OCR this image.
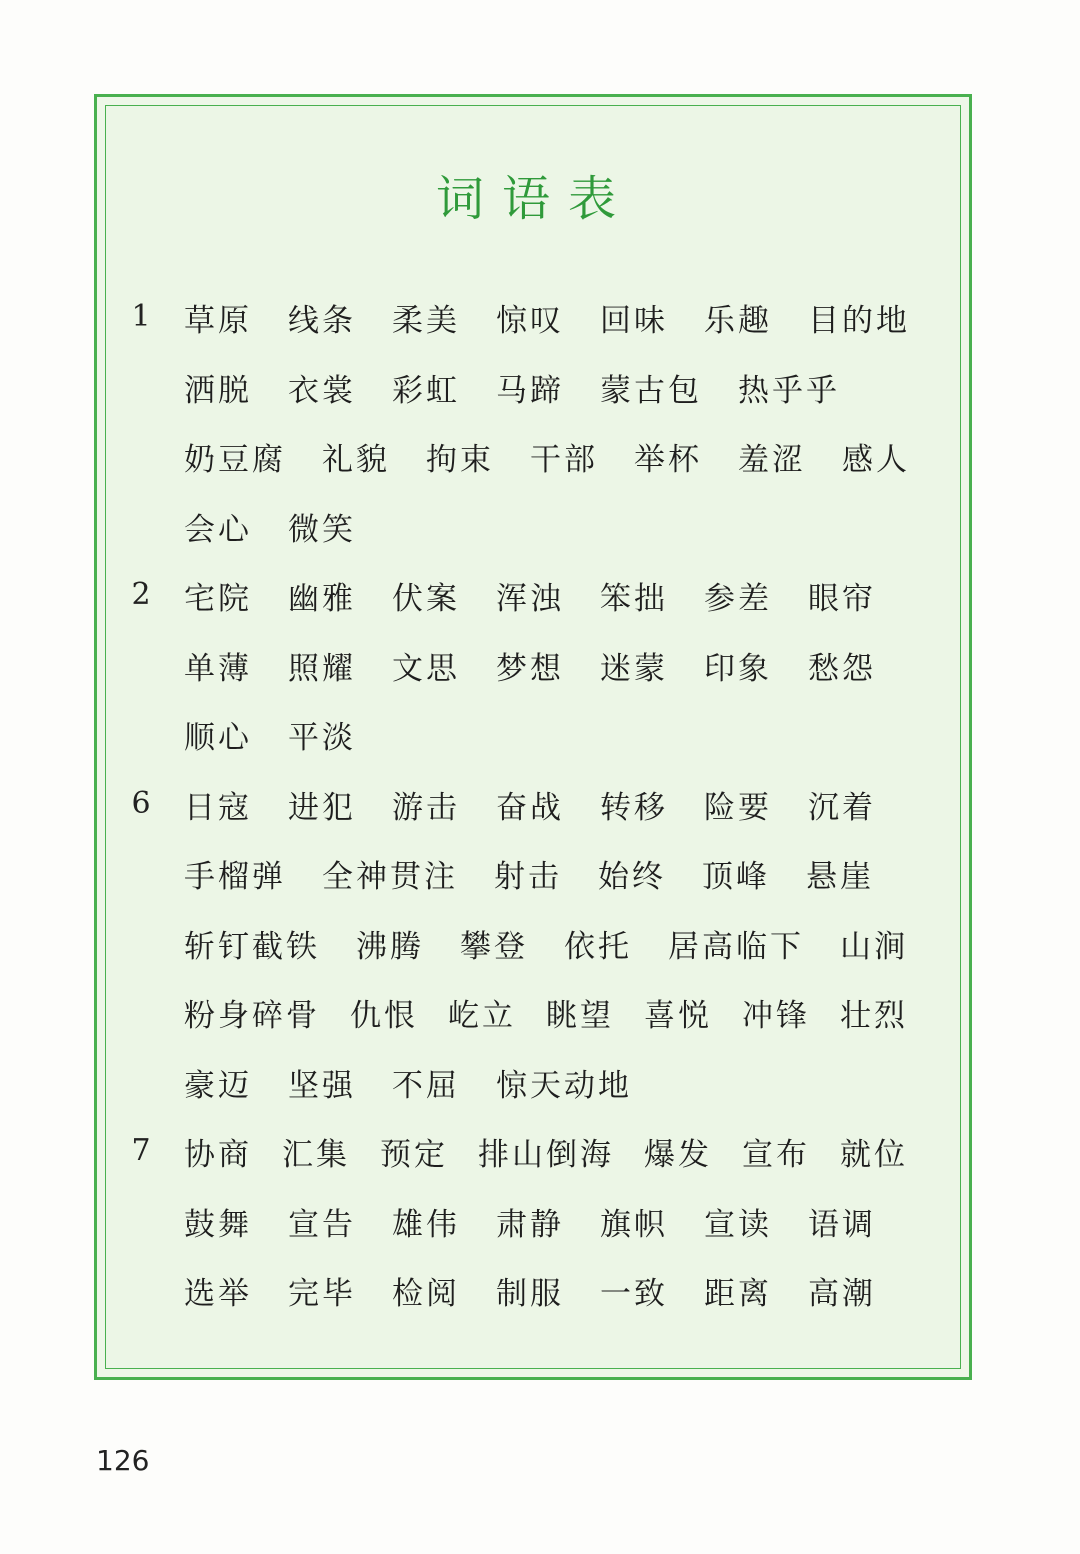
词语表
1 草原 线条 柔美 惊叹 回味 乐趣 目的地
洒脱 衣裳 彩虹 马蹄 蒙古包 热乎乎
奶豆腐 礼貌 拘束 干部 举杯 羞涩 感人
会心 微笑
2 宅院 幽雅 伏案 浑浊 笨拙 参差 眼帘
单薄 照耀 文思 梦想 迷蒙 印象 愁怨
顺心 平淡
6 日寇 进犯 游击 奋战 转移 险要 沉着
手榴弹 全神贯注 射击 始终 顶峰 悬崖
斩钉截铁 沸腾 攀登 依托 居高临下 山涧
粉身碎骨 仇恨 屹立 眺望 喜悦 冲锋 壮烈
豪迈 坚强 不屈 惊天动地
7 协商 汇集 预定 排山倒海 爆发 宣布 就位
鼓舞 宣告 雄伟 肃静 旗帜 宣读 语调
选举 完毕 检阅 制服 一致 距离 高潮
126
